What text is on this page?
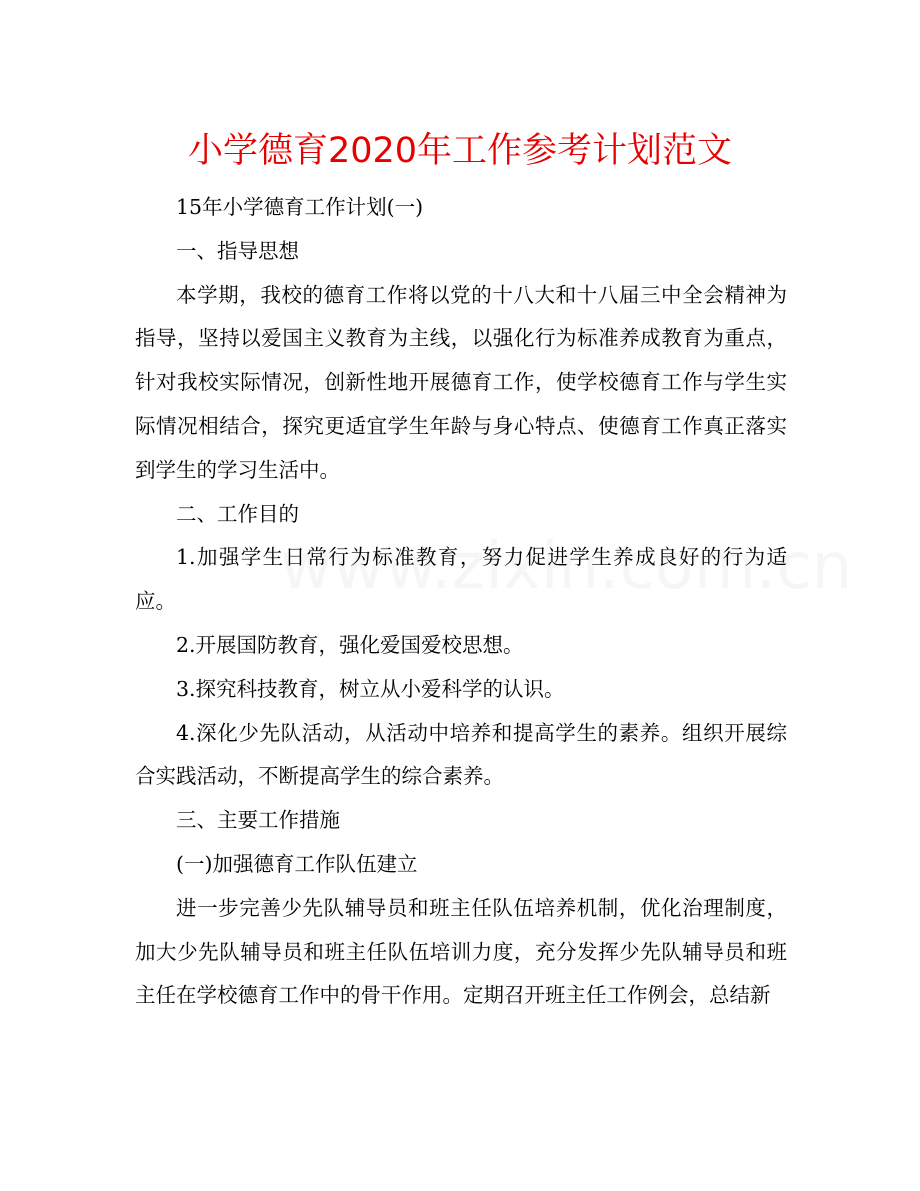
小学德育2020年工作参考计划范文

15年小学德育工作计划(一)

一、指导思想

本学期，我校的德育工作将以党的十八大和十八届三中全会精神为指导，坚持以爱国主义教育为主线，以强化行为标准养成教育为重点，针对我校实际情况，创新性地开展德育工作，使学校德育工作与学生实际情况相结合，探究更适宜学生年龄与身心特点、使德育工作真正落实到学生的学习生活中。

二、工作目的

1.加强学生日常行为标准教育，努力促进学生养成良好的行为适应。

2.开展国防教育，强化爱国爱校思想。

3.探究科技教育，树立从小爱科学的认识。

4.深化少先队活动，从活动中培养和提高学生的素养。组织开展综合实践活动，不断提高学生的综合素养。

三、主要工作措施

(一)加强德育工作队伍建立

进一步完善少先队辅导员和班主任队伍培养机制，优化治理制度，加大少先队辅导员和班主任队伍培训力度，充分发挥少先队辅导员和班主任在学校德育工作中的骨干作用。定期召开班主任工作例会，总结新
